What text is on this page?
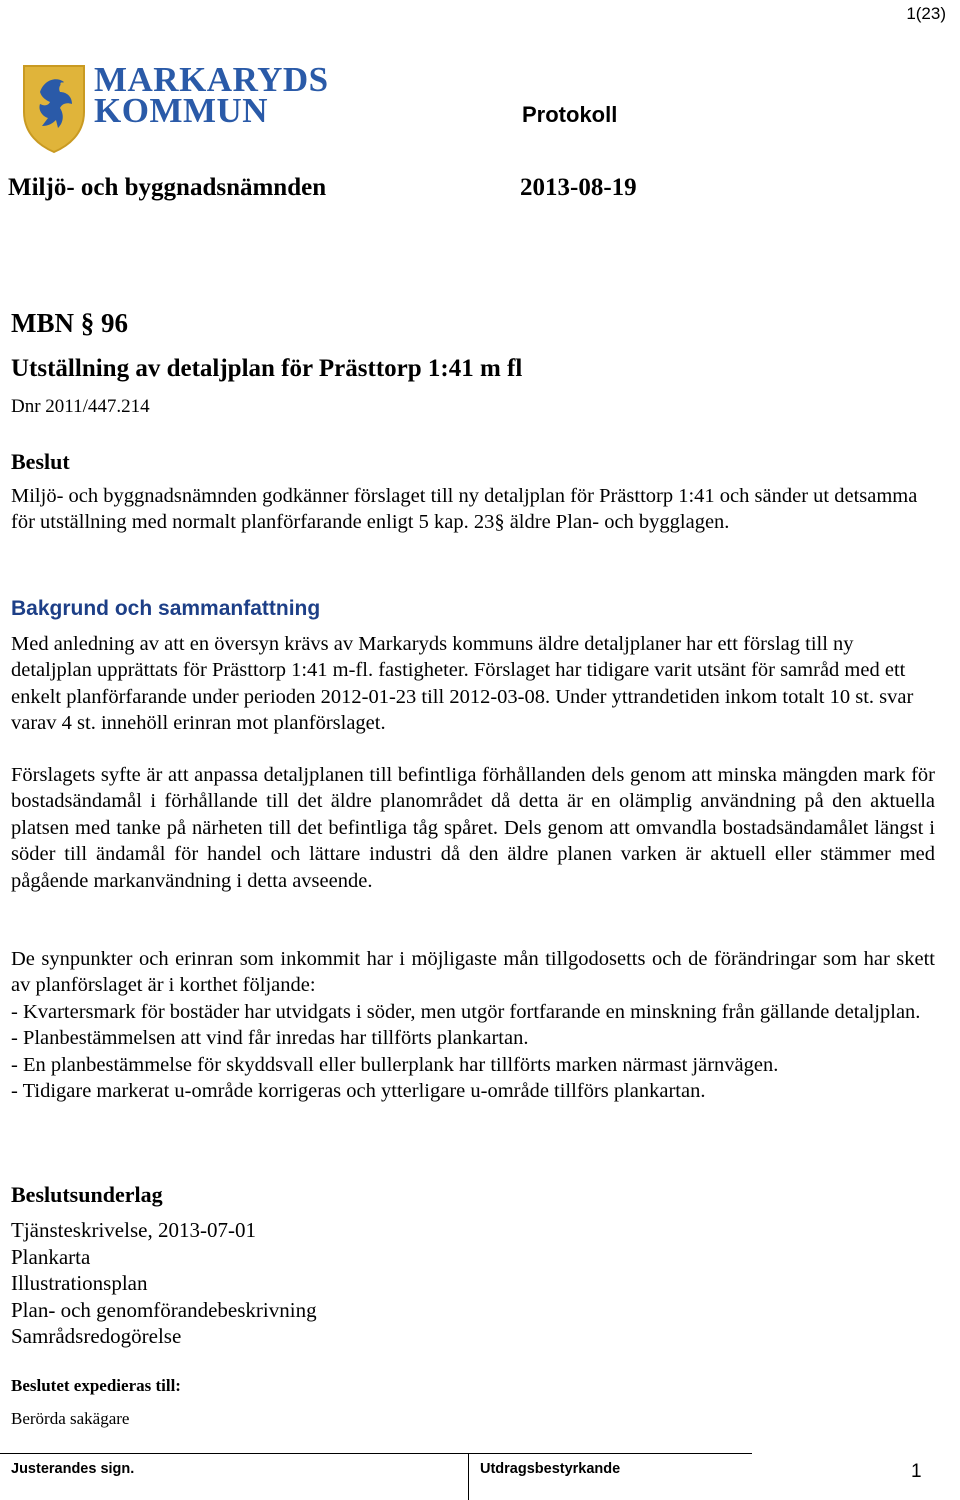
1(23)
MARKARYDS
KOMMUN	Protokoll
Miljö- och byggnadsnämnden	2013-08-19
MBN § 96
Utställning av detaljplan för Prästtorp 1:41 m fl
Dnr 2011/447.214
Beslut
Miljö- och byggnadsnämnden godkänner förslaget till ny detaljplan för Prästtorp 1:41 och sänder ut detsamma för utställning med normalt planförfarande enligt 5 kap. 23§ äldre Plan- och bygglagen.
Bakgrund och sammanfattning

Med anledning av att en översyn krävs av Markaryds kommuns äldre detaljplaner har ett förslag till ny detaljplan upprättats för Prästtorp 1:41 m-fl. fastigheter. Förslaget har tidigare varit utsänt för samråd med ett enkelt planförfarande under perioden 2012-01-23 till 2012-03-08. Under yttrandetiden inkom totalt 10 st. svar varav 4 st. innehöll erinran mot planförslaget.

Förslagets syfte är att anpassa detaljplanen till befintliga förhållanden dels genom att minska mängden mark för bostadsändamål i förhållande till det äldre planområdet då detta är en olämplig användning på den aktuella platsen med tanke på närheten till det befintliga tåg spåret. Dels genom att omvandla bostadsändamålet längst i söder till ändamål för handel och lättare industri då den äldre planen varken är aktuell eller stämmer med pågående markanvändning i detta avseende.

De synpunkter och erinran som inkommit har i möjligaste mån tillgodosetts och de förändringar som har skett av planförslaget är i korthet följande:

- Kvartersmark för bostäder har utvidgats i söder, men utgör fortfarande en minskning från gällande detaljplan.

- Planbestämmelsen att vind får inredas har tillförts plankartan.

- En planbestämmelse för skyddsvall eller bullerplank har tillförts marken närmast järnvägen.

- Tidigare markerat u-område korrigeras och ytterligare u-område tillförs plankartan.

Beslutsunderlag
Tjänsteskrivelse, 2013-07-01
Plankarta
Illustrationsplan
Plan- och genomförandebeskrivning
Samrådsredogörelse
Beslutet expedieras till:
Berörda sakägare
Justerandes sign.	Utdragsbestyrkande	1
